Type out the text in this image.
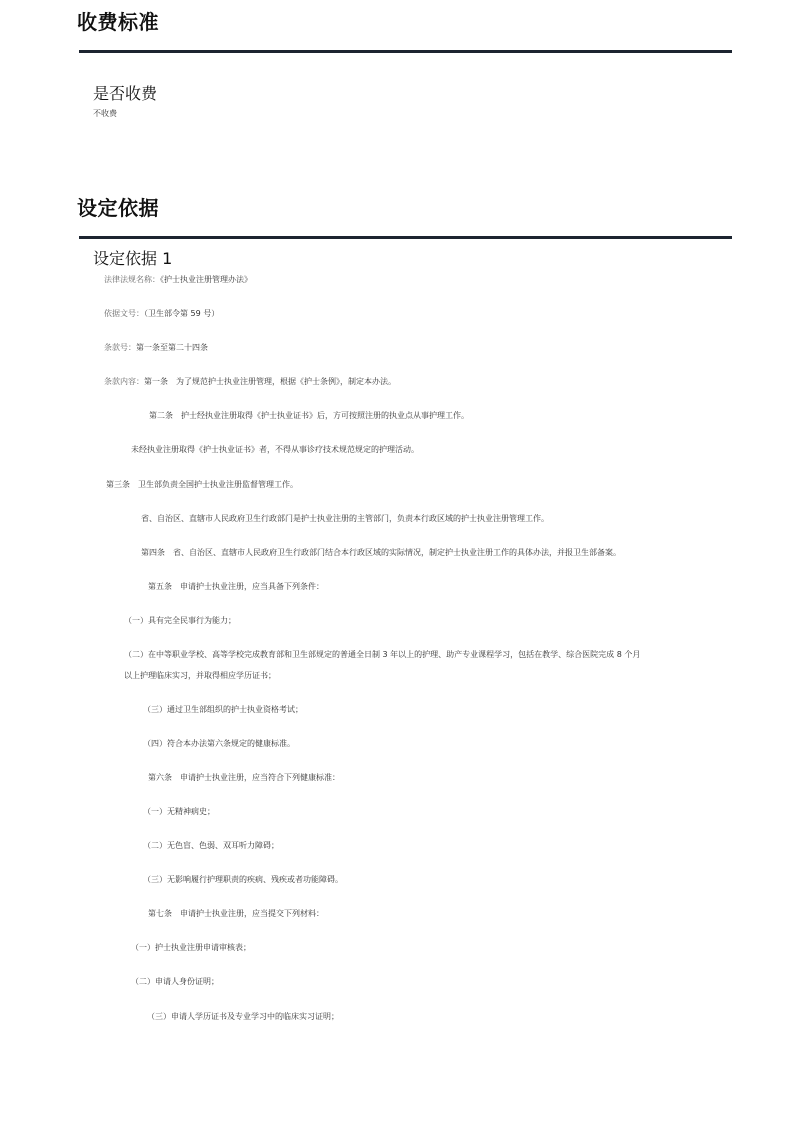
收费标准
是否收费
不收费
设定依据
设定依据 1
法律法规名称：《护士执业注册管理办法》
依据文号：（卫生部令第 59 号）
条款号：第一条至第二十四条
条款内容：第一条　为了规范护士执业注册管理，根据《护士条例》，制定本办法。
第二条　护士经执业注册取得《护士执业证书》后，方可按照注册的执业点从事护理工作。
未经执业注册取得《护士执业证书》者，不得从事诊疗技术规范规定的护理活动。
第三条　卫生部负责全国护士执业注册监督管理工作。
省、自治区、直辖市人民政府卫生行政部门是护士执业注册的主管部门，负责本行政区域的护士执业注册管理工作。
第四条　省、自治区、直辖市人民政府卫生行政部门结合本行政区域的实际情况，制定护士执业注册工作的具体办法，并报卫生部备案。
第五条　申请护士执业注册，应当具备下列条件：
（一）具有完全民事行为能力；
（二）在中等职业学校、高等学校完成教育部和卫生部规定的普通全日制 3 年以上的护理、助产专业课程学习，包括在教学、综合医院完成 8 个月
以上护理临床实习，并取得相应学历证书；
（三）通过卫生部组织的护士执业资格考试；
（四）符合本办法第六条规定的健康标准。
第六条　申请护士执业注册，应当符合下列健康标准：
（一）无精神病史；
（二）无色盲、色弱、双耳听力障碍；
（三）无影响履行护理职责的疾病、残疾或者功能障碍。
第七条　申请护士执业注册，应当提交下列材料：
（一）护士执业注册申请审核表；
（二）申请人身份证明；
（三）申请人学历证书及专业学习中的临床实习证明；
